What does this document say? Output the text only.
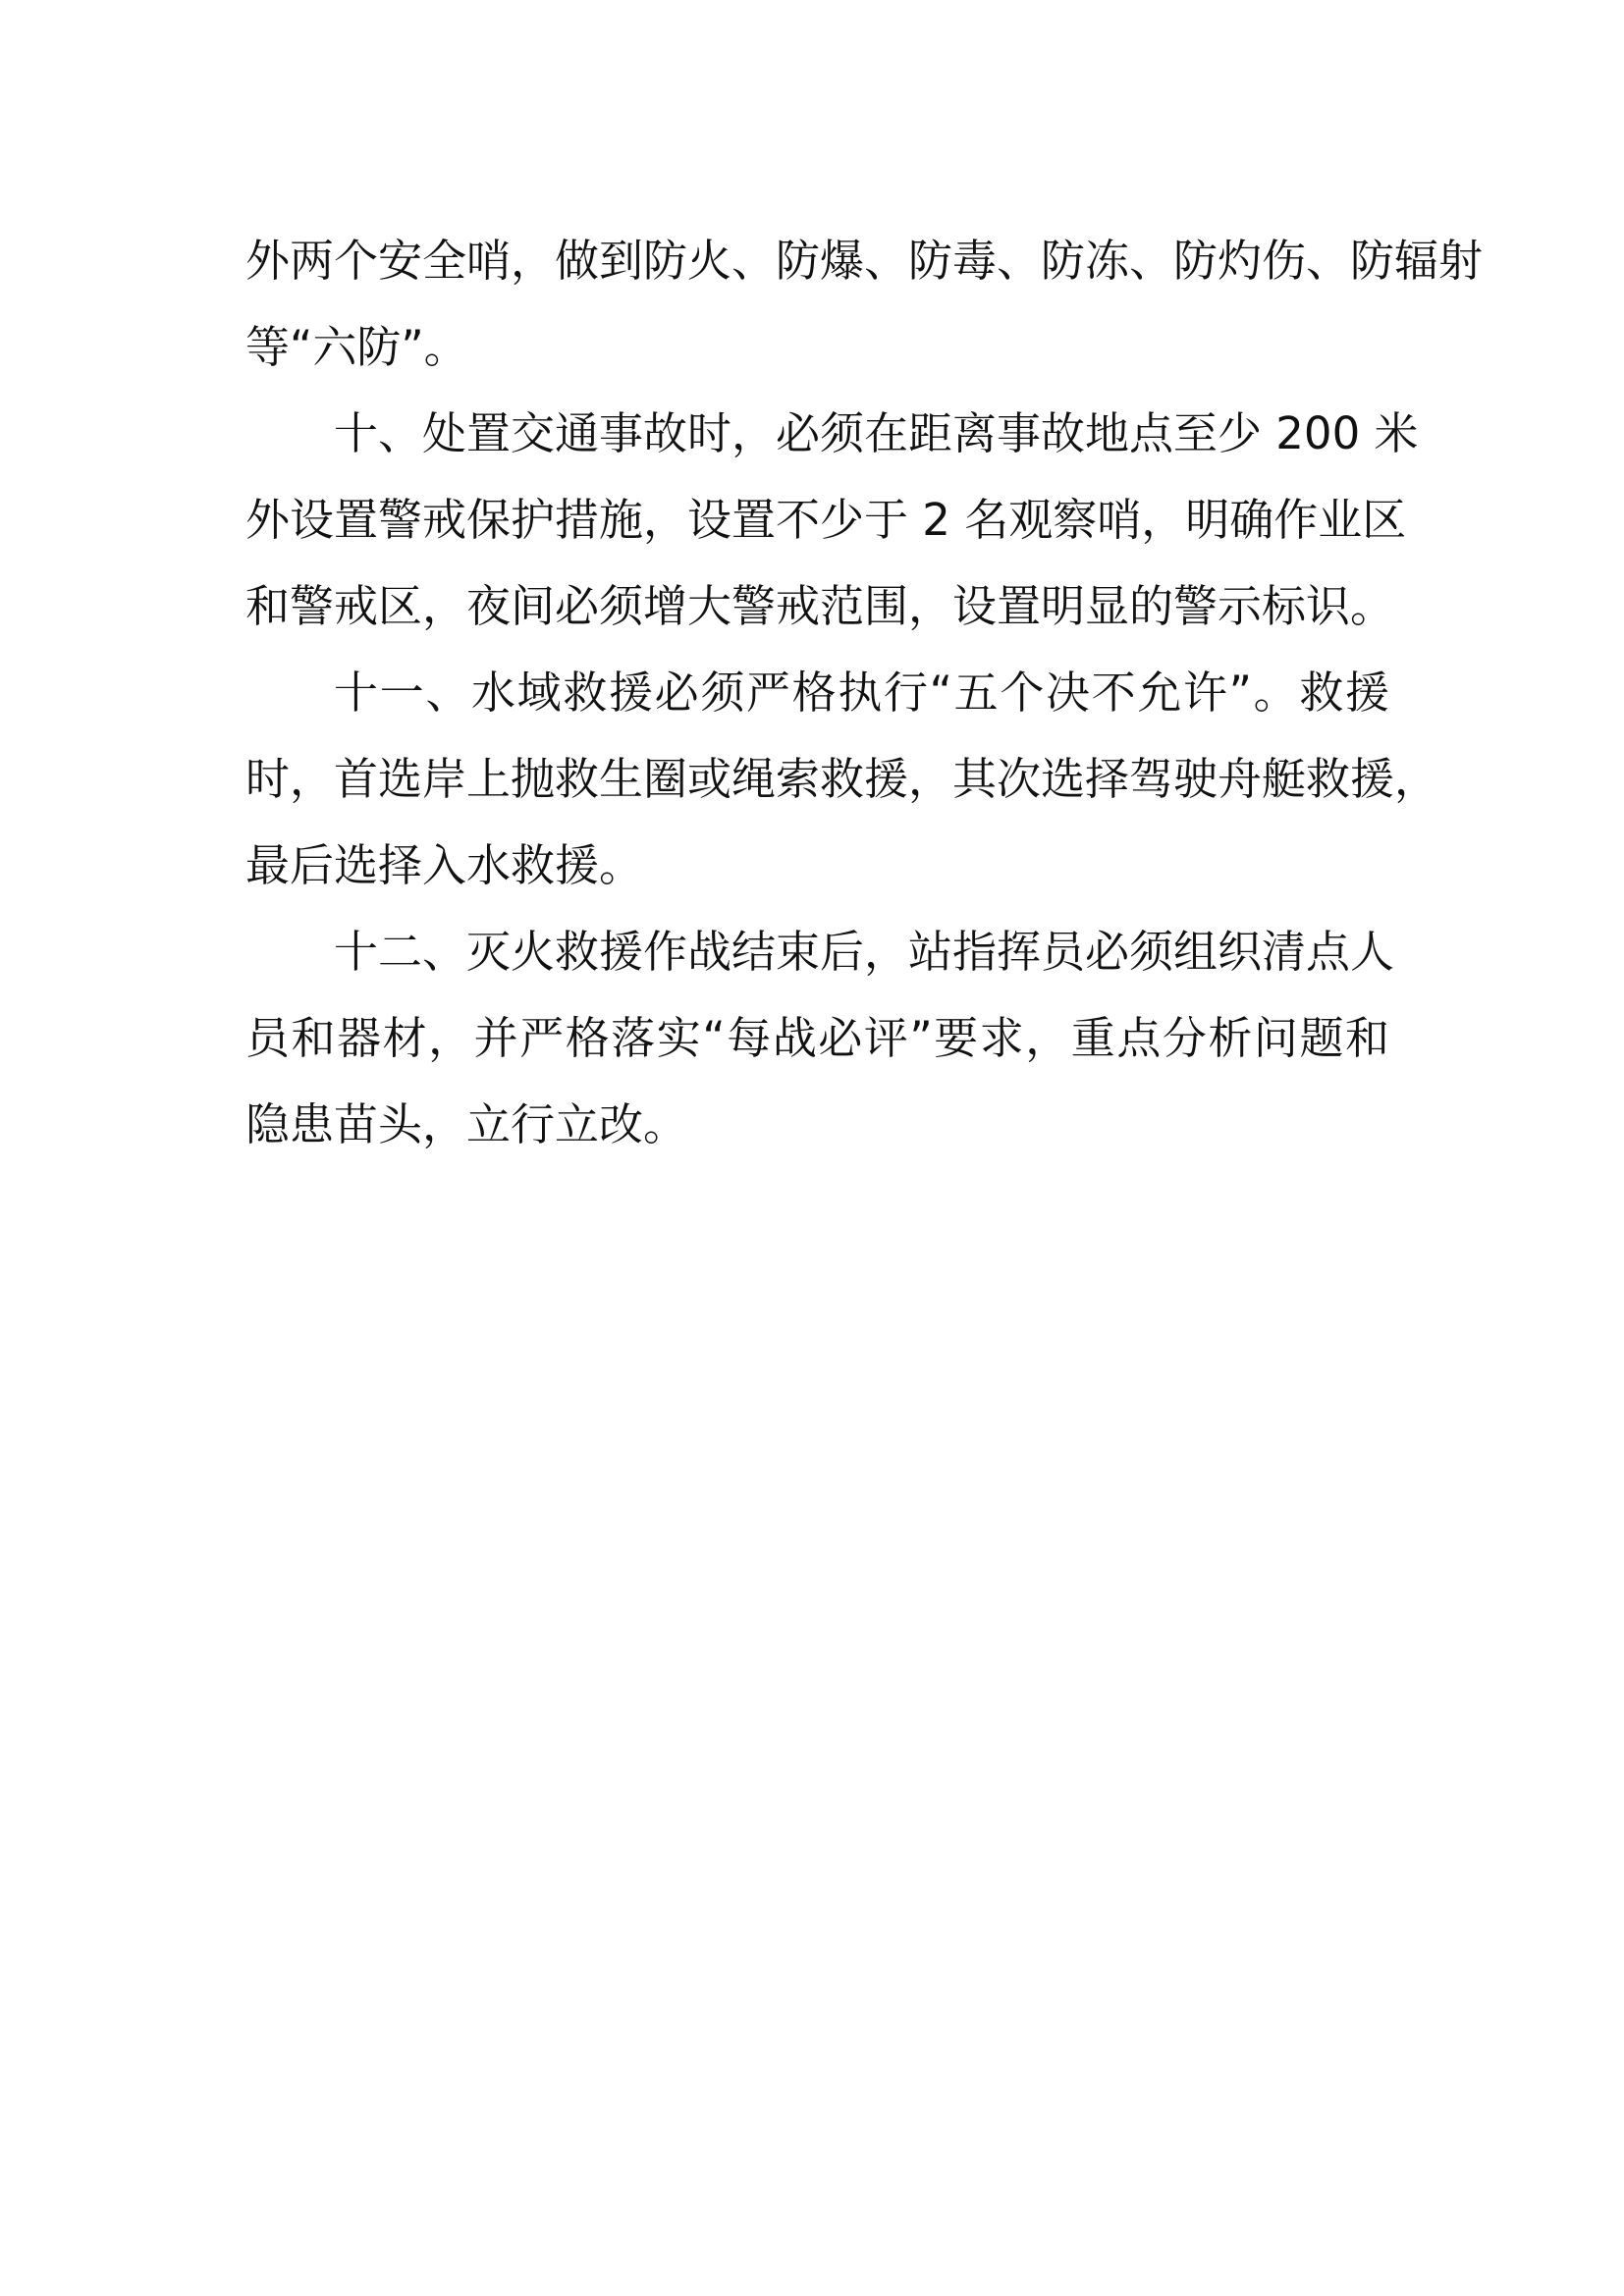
外两个安全哨，做到防火、防爆、防毒、防冻、防灼伤、防辐射
等“六防”。
十、处置交通事故时，必须在距离事故地点至少 200 米
外设置警戒保护措施，设置不少于 2 名观察哨，明确作业区
和警戒区，夜间必须增大警戒范围，设置明显的警示标识。
十一、水域救援必须严格执行“五个决不允许”。救援
时，首选岸上抛救生圈或绳索救援，其次选择驾驶舟艇救援，
最后选择入水救援。
十二、灭火救援作战结束后，站指挥员必须组织清点人
员和器材，并严格落实“每战必评”要求，重点分析问题和
隐患苗头，立行立改。
